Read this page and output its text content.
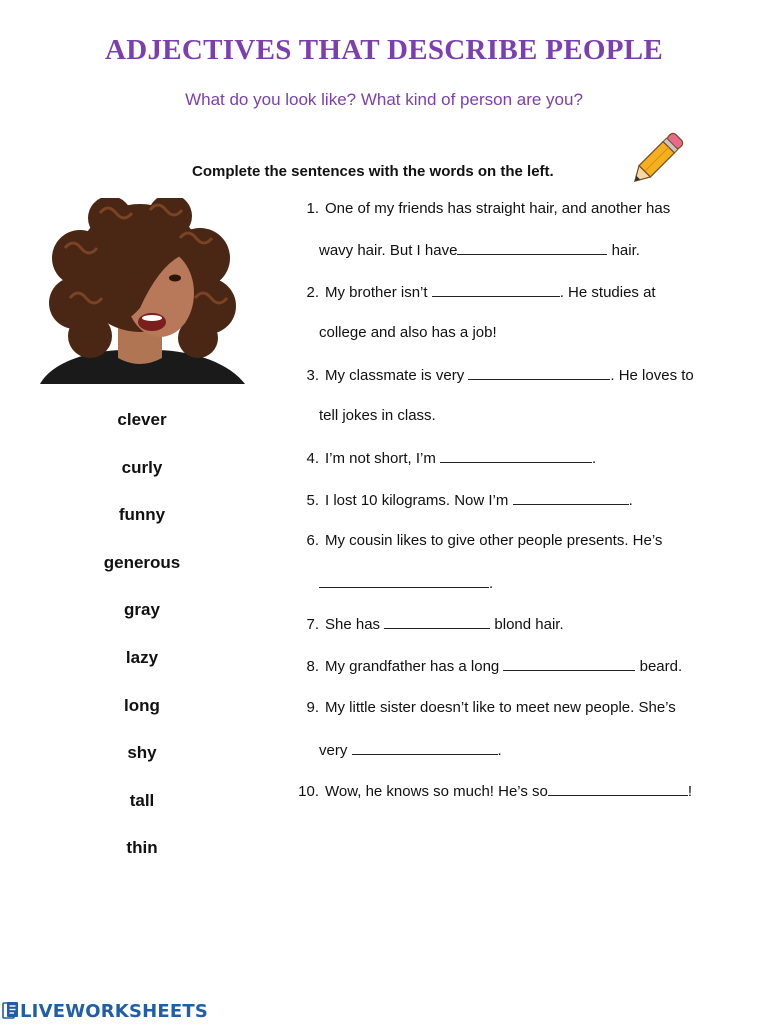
ADJECTIVES THAT DESCRIBE PEOPLE
What do you look like? What kind of person are you?
Complete the sentences with the words on the left.
clever
curly
funny
generous
gray
lazy
long
shy
tall
thin
1. One of my friends has straight hair, and another has
wavy hair. But I have	hair.
2. My brother isn’t	. He studies at
college and also has a job!
3. My classmate is very	. He loves to
tell jokes in class.
4. I’m not short, I’m	.
5. I lost 10 kilograms. Now I’m	.
6. My cousin likes to give other people presents. He’s
.
7. She has	blond hair.
8. My grandfather has a long	beard.
9. My little sister doesn’t like to meet new people. She’s
very	.
10. Wow, he knows so much! He’s so	!
LIVEWORKSHEETS
